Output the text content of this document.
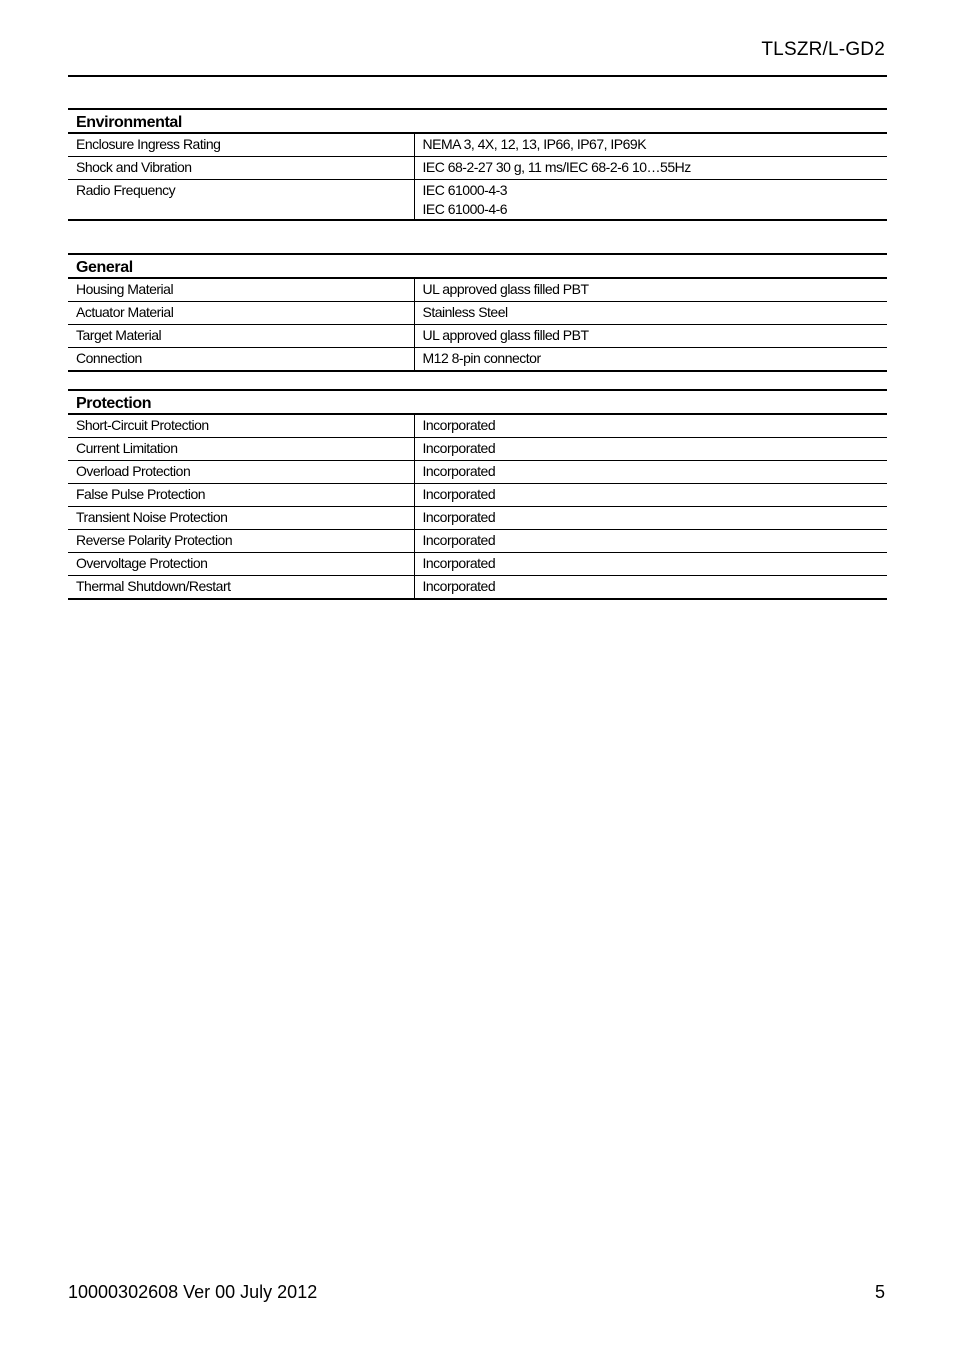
TLSZR/L-GD2
Environmental	
Enclosure Ingress Rating	NEMA 3, 4X, 12, 13, IP66, IP67, IP69K

Shock and Vibration	IEC 68-2-27 30 g, 11 ms/IEC 68-2-6 10…55Hz

Radio Frequency	IEC 61000-4-3
IEC 61000-4-6
General	
Housing Material	UL approved glass filled PBT

Actuator Material	Stainless Steel

Target Material	UL approved glass filled PBT

Connection	M12 8-pin connector
Protection	
Short-Circuit Protection	Incorporated
Current Limitation	Incorporated
Overload Protection	Incorporated
False Pulse Protection	Incorporated
Transient Noise Protection	Incorporated
Reverse Polarity Protection	Incorporated
Overvoltage Protection	Incorporated
Thermal Shutdown/Restart	Incorporated
10000302608 Ver 00 July 2012	5
